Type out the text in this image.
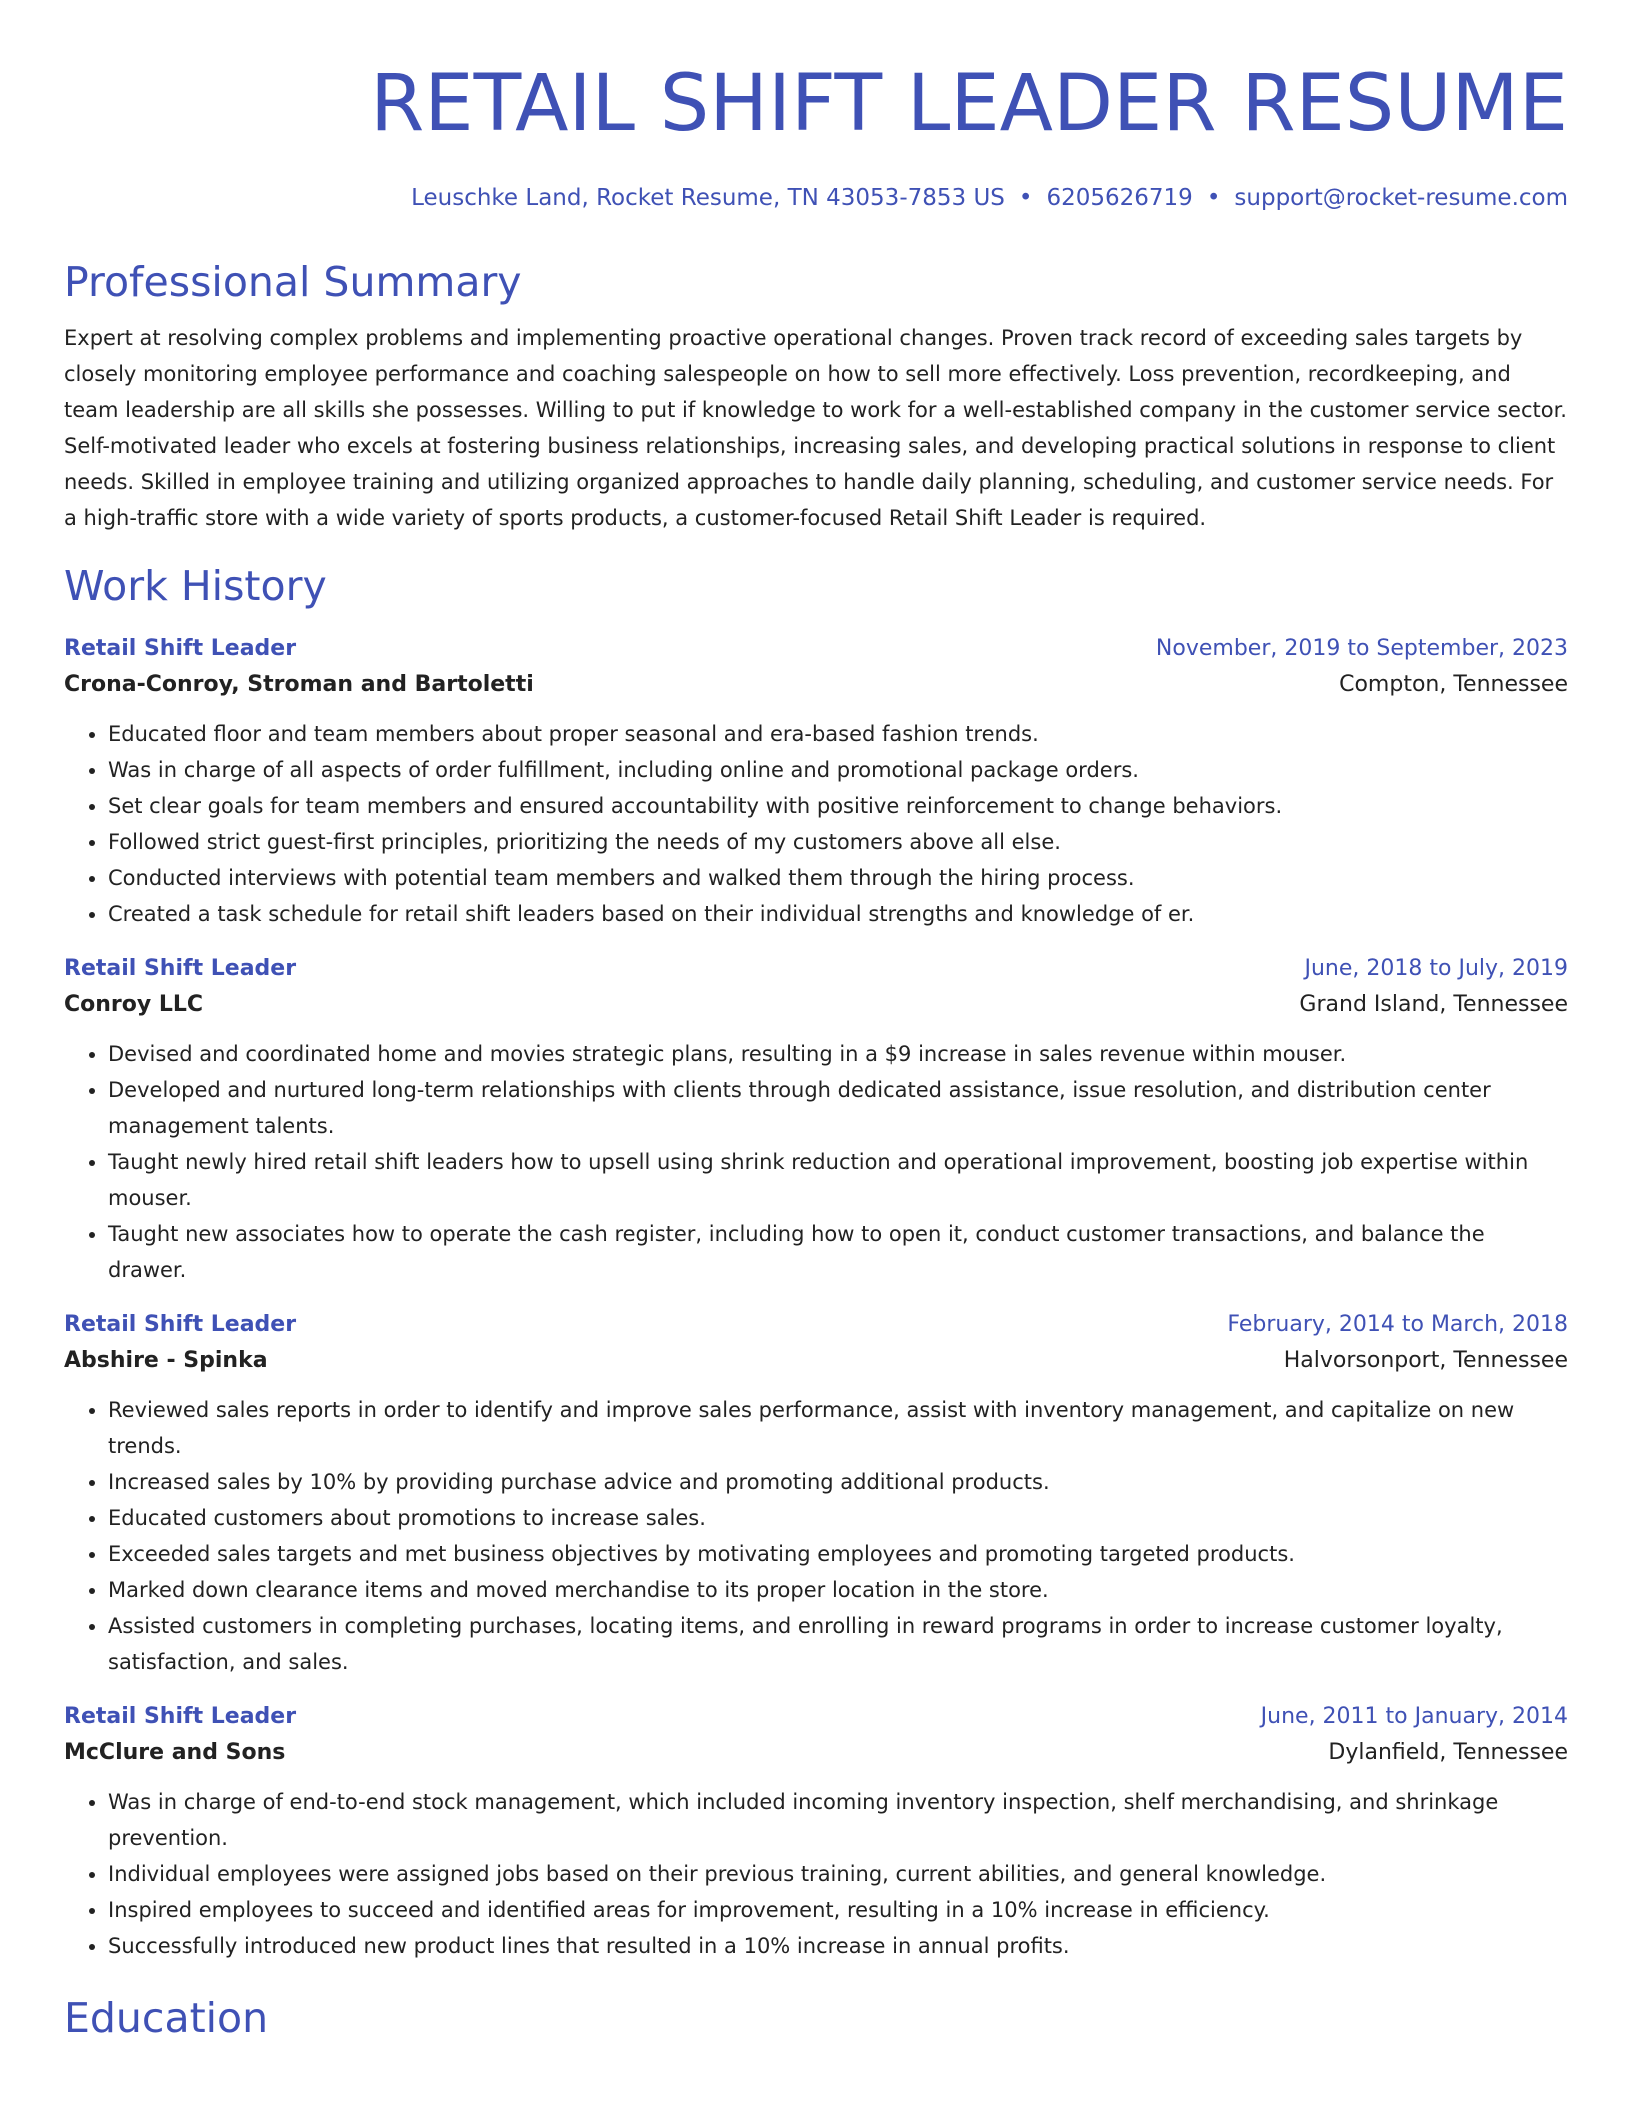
RETAIL SHIFT LEADER RESUME
Leuschke Land, Rocket Resume, TN 43053-7853 US • 6205626719 • support@rocket-resume.com
Professional Summary

Expert at resolving complex problems and implementing proactive operational changes. Proven track record of exceeding sales targets by closely monitoring employee performance and coaching salespeople on how to sell more effectively. Loss prevention, recordkeeping, and team leadership are all skills she possesses. Willing to put if knowledge to work for a well-established company in the customer service sector. Self-motivated leader who excels at fostering business relationships, increasing sales, and developing practical solutions in response to client needs. Skilled in employee training and utilizing organized approaches to handle daily planning, scheduling, and customer service needs. For a high-traffic store with a wide variety of sports products, a customer-focused Retail Shift Leader is required.

Work History
Retail Shift Leader	November, 2019 to September, 2023
Crona-Conroy, Stroman and Bartoletti	Compton, Tennessee
• Educated floor and team members about proper seasonal and era-based fashion trends.
• Was in charge of all aspects of order fulfillment, including online and promotional package orders.
• Set clear goals for team members and ensured accountability with positive reinforcement to change behaviors.
• Followed strict guest-first principles, prioritizing the needs of my customers above all else.
• Conducted interviews with potential team members and walked them through the hiring process.
• Created a task schedule for retail shift leaders based on their individual strengths and knowledge of er.
Retail Shift Leader	June, 2018 to July, 2019
Conroy LLC	Grand Island, Tennessee
• Devised and coordinated home and movies strategic plans, resulting in a $9 increase in sales revenue within mouser.
• Developed and nurtured long-term relationships with clients through dedicated assistance, issue resolution, and distribution center management talents.
• Taught newly hired retail shift leaders how to upsell using shrink reduction and operational improvement, boosting job expertise within mouser.
• Taught new associates how to operate the cash register, including how to open it, conduct customer transactions, and balance the drawer.
Retail Shift Leader	February, 2014 to March, 2018
Abshire - Spinka	Halvorsonport, Tennessee
• Reviewed sales reports in order to identify and improve sales performance, assist with inventory management, and capitalize on new trends.
• Increased sales by 10% by providing purchase advice and promoting additional products.
• Educated customers about promotions to increase sales.
• Exceeded sales targets and met business objectives by motivating employees and promoting targeted products.
• Marked down clearance items and moved merchandise to its proper location in the store.
• Assisted customers in completing purchases, locating items, and enrolling in reward programs in order to increase customer loyalty, satisfaction, and sales.
Retail Shift Leader	June, 2011 to January, 2014
McClure and Sons	Dylanfield, Tennessee
• Was in charge of end-to-end stock management, which included incoming inventory inspection, shelf merchandising, and shrinkage prevention.
• Individual employees were assigned jobs based on their previous training, current abilities, and general knowledge.
• Inspired employees to succeed and identified areas for improvement, resulting in a 10% increase in efficiency.
• Successfully introduced new product lines that resulted in a 10% increase in annual profits.
Education
